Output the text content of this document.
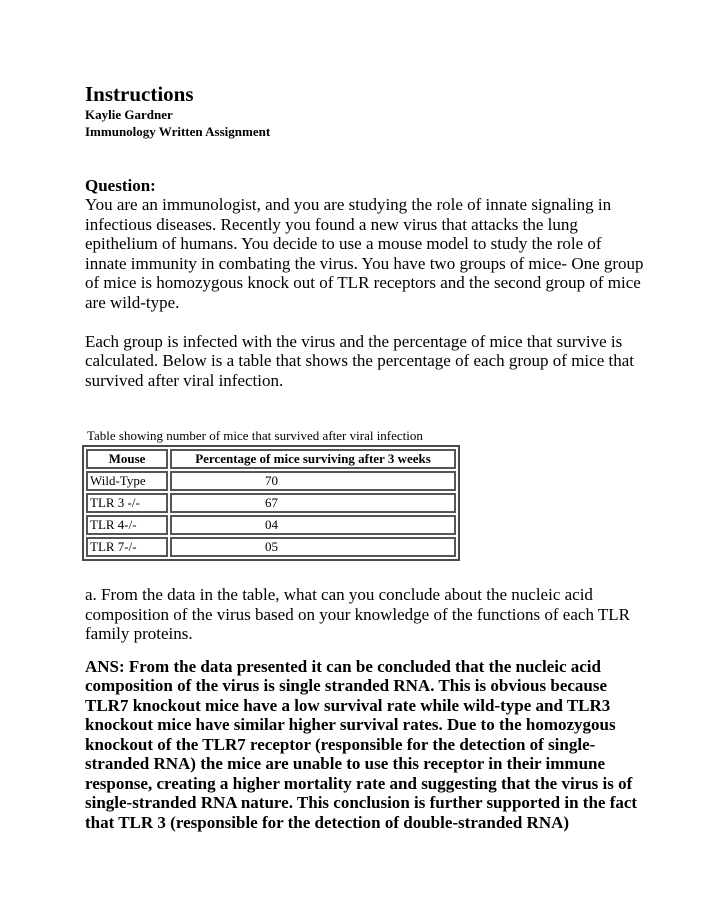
Instructions

Kaylie Gardner

Immunology Written Assignment

Question:

You are an immunologist, and you are studying the role of innate signaling in infectious diseases. Recently you found a new virus that attacks the lung epithelium of humans. You decide to use a mouse model to study the role of innate immunity in combating the virus. You have two groups of mice- One group of mice is homozygous knock out of TLR receptors and the second group of mice are wild-type.

Each group is infected with the virus and the percentage of mice that survive is calculated. Below is a table that shows the percentage of each group of mice that survived after viral infection.

Table showing number of mice that survived after viral infection
Mouse	Percentage of mice surviving after 3 weeks
Wild-Type	70
TLR 3 -/-	67
TLR 4-/-	04
TLR 7-/-	05

a. From the data in the table, what can you conclude about the nucleic acid composition of the virus based on your knowledge of the functions of each TLR family proteins.

ANS: From the data presented it can be concluded that the nucleic acid composition of the virus is single stranded RNA. This is obvious because TLR7 knockout mice have a low survival rate while wild-type and TLR3 knockout mice have similar higher survival rates. Due to the homozygous knockout of the TLR7 receptor (responsible for the detection of single-stranded RNA) the mice are unable to use this receptor in their immune response, creating a higher mortality rate and suggesting that the virus is of single-stranded RNA nature. This conclusion is further supported in the fact that TLR 3 (responsible for the detection of double-stranded RNA)
